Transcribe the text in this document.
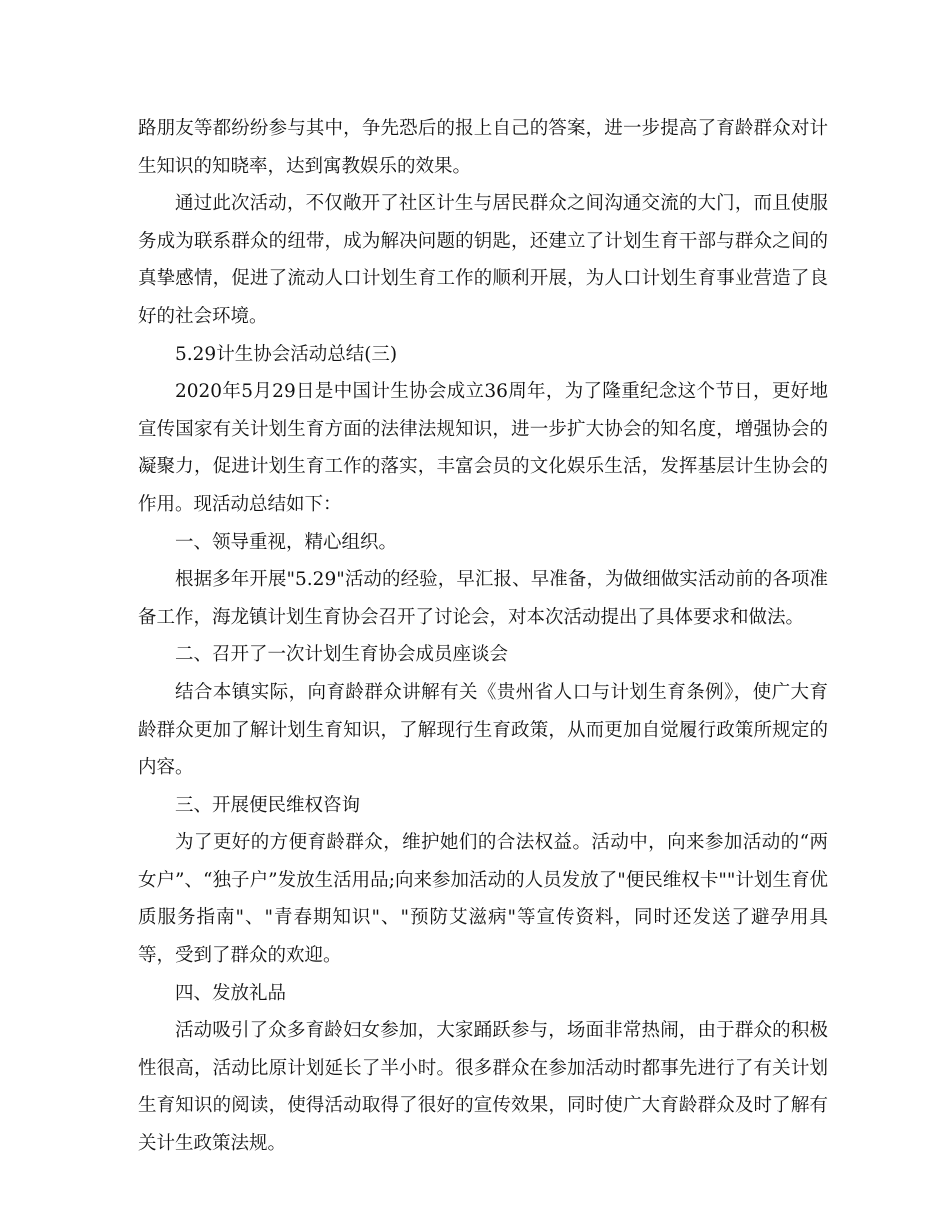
路朋友等都纷纷参与其中，争先恐后的报上自己的答案，进一步提高了育龄群众对计生知识的知晓率，达到寓教娱乐的效果。

通过此次活动，不仅敞开了社区计生与居民群众之间沟通交流的大门，而且使服务成为联系群众的纽带，成为解决问题的钥匙，还建立了计划生育干部与群众之间的真挚感情，促进了流动人口计划生育工作的顺利开展，为人口计划生育事业营造了良好的社会环境。

5.29计生协会活动总结(三)

2020年5月29日是中国计生协会成立36周年，为了隆重纪念这个节日，更好地宣传国家有关计划生育方面的法律法规知识，进一步扩大协会的知名度，增强协会的凝聚力，促进计划生育工作的落实，丰富会员的文化娱乐生活，发挥基层计生协会的作用。现活动总结如下：

一、领导重视，精心组织。

根据多年开展"5.29"活动的经验，早汇报、早准备，为做细做实活动前的各项准备工作，海龙镇计划生育协会召开了讨论会，对本次活动提出了具体要求和做法。

二、召开了一次计划生育协会成员座谈会

结合本镇实际，向育龄群众讲解有关《贵州省人口与计划生育条例》，使广大育龄群众更加了解计划生育知识，了解现行生育政策，从而更加自觉履行政策所规定的内容。

三、开展便民维权咨询

为了更好的方便育龄群众，维护她们的合法权益。活动中，向来参加活动的“两女户”、“独子户”发放生活用品;向来参加活动的人员发放了"便民维权卡""计划生育优质服务指南"、"青春期知识"、"预防艾滋病"等宣传资料，同时还发送了避孕用具等，受到了群众的欢迎。

四、发放礼品

活动吸引了众多育龄妇女参加，大家踊跃参与，场面非常热闹，由于群众的积极性很高，活动比原计划延长了半小时。很多群众在参加活动时都事先进行了有关计划生育知识的阅读，使得活动取得了很好的宣传效果，同时使广大育龄群众及时了解有关计生政策法规。
